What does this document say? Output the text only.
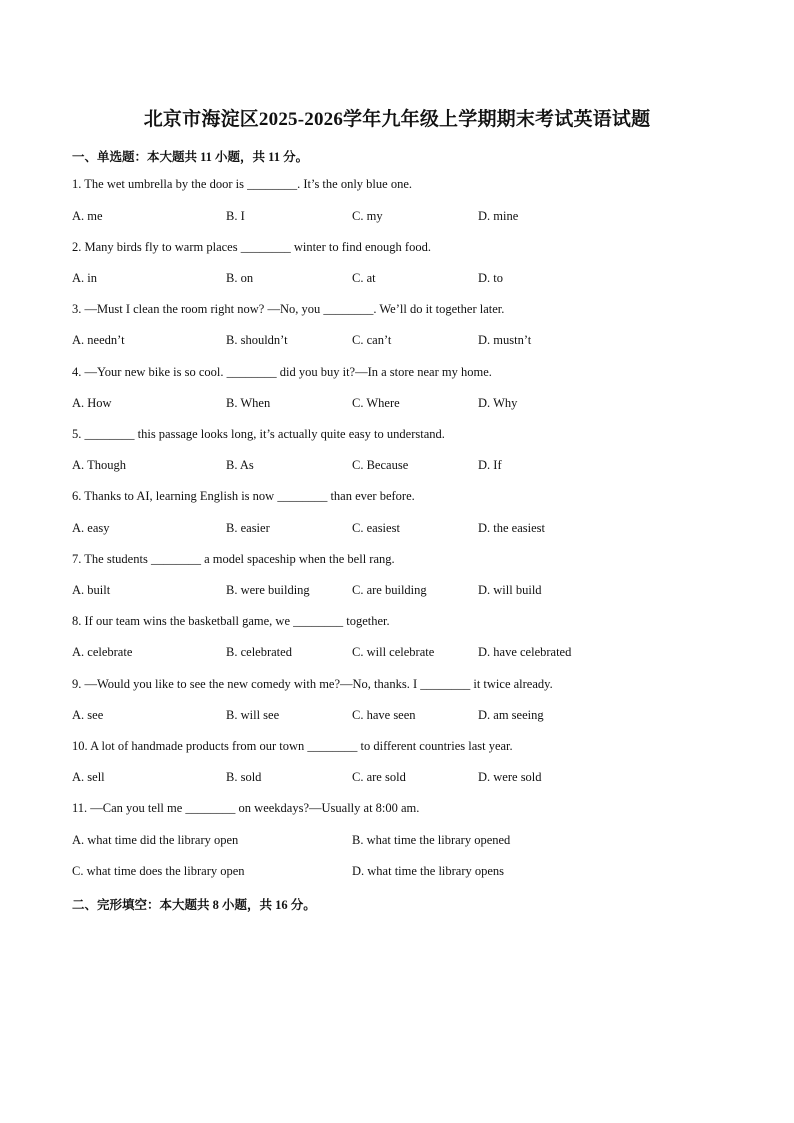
北京市海淀区2025-2026学年九年级上学期期末考试英语试题
一、单选题：本大题共 11 小题，共 11 分。
1. The wet umbrella by the door is ________. It’s the only blue one.
A. me	B. I	C. my	D. mine
2. Many birds fly to warm places ________ winter to find enough food.
A. in	B. on	C. at	D. to
3. —Must I clean the room right now? —No, you ________. We’ll do it together later.
A. needn’t	B. shouldn’t	C. can’t	D. mustn’t
4. —Your new bike is so cool. ________ did you buy it?—In a store near my home.
A. How	B. When	C. Where	D. Why
5. ________ this passage looks long, it’s actually quite easy to understand.
A. Though	B. As	C. Because	D. If
6. Thanks to AI, learning English is now ________ than ever before.
A. easy	B. easier	C. easiest	D. the easiest
7. The students ________ a model spaceship when the bell rang.
A. built	B. were building	C. are building	D. will build
8. If our team wins the basketball game, we ________ together.
A. celebrate	B. celebrated	C. will celebrate	D. have celebrated
9. —Would you like to see the new comedy with me?—No, thanks. I ________ it twice already.
A. see	B. will see	C. have seen	D. am seeing
10. A lot of handmade products from our town ________ to different countries last year.
A. sell	B. sold	C. are sold	D. were sold
11. —Can you tell me ________ on weekdays?—Usually at 8:00 am.
A. what time did the library open	B. what time the library opened
C. what time does the library open	D. what time the library opens
二、完形填空：本大题共 8 小题，共 16 分。
